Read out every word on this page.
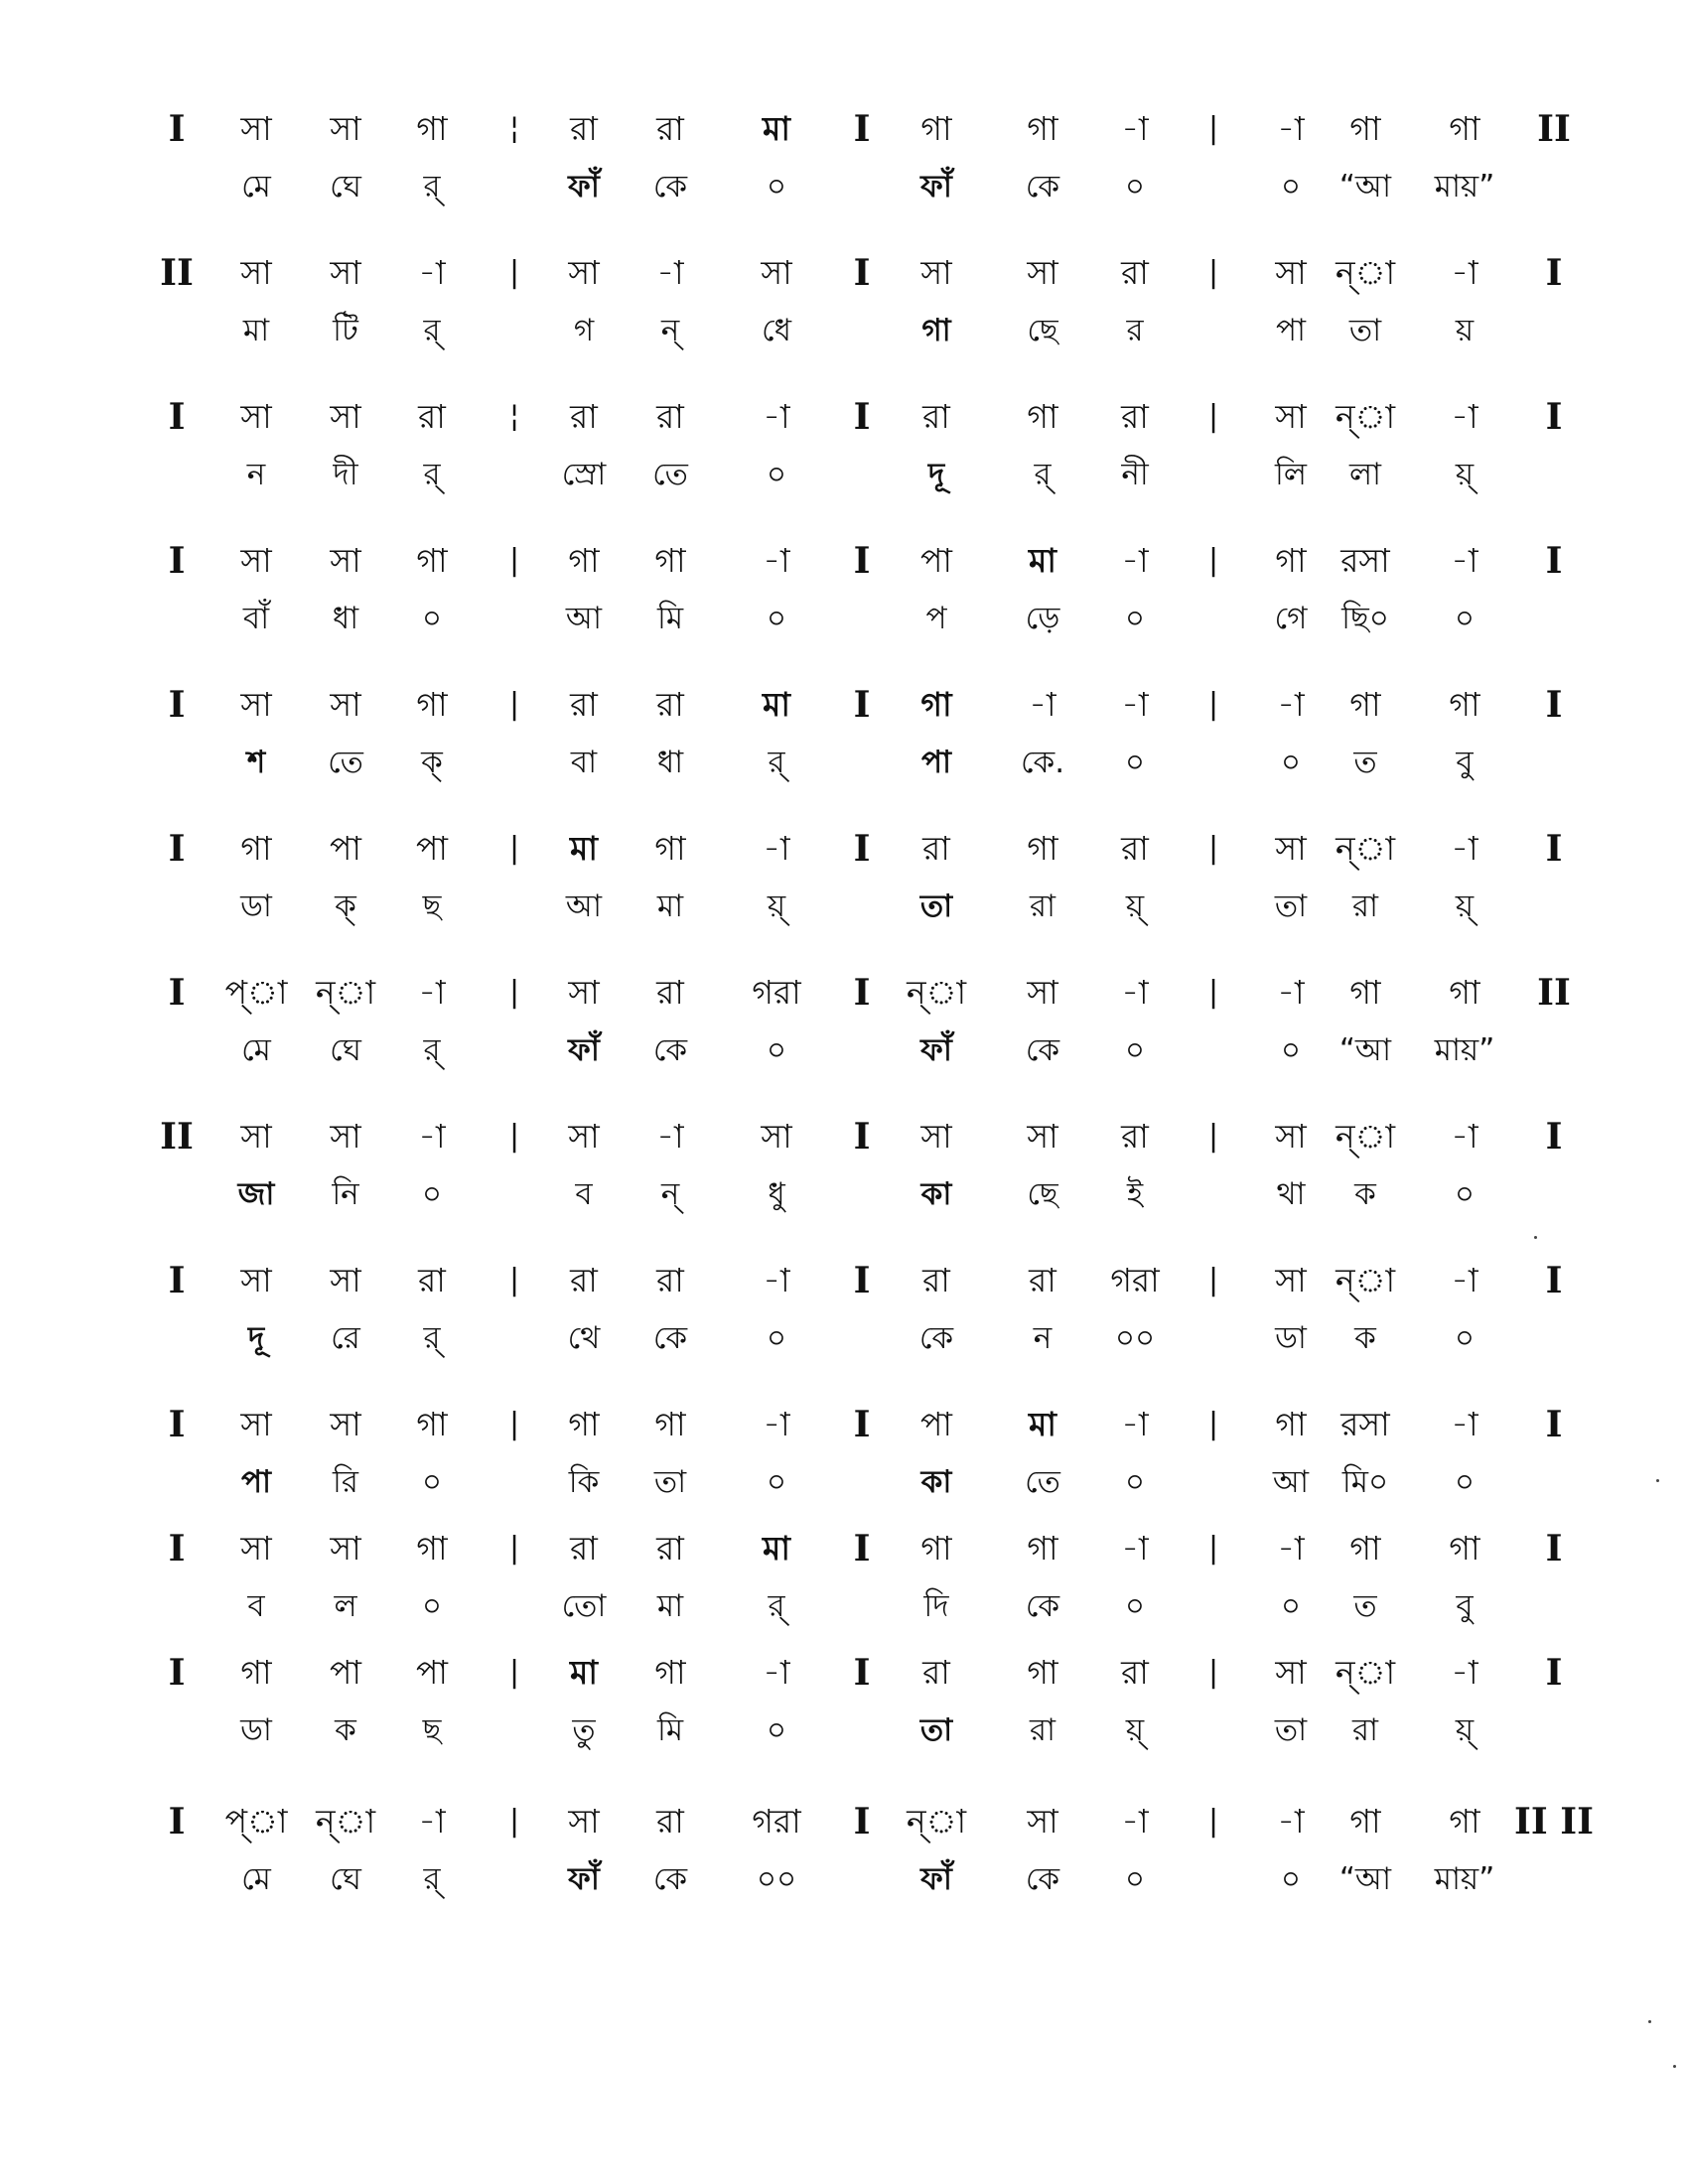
I	সা	সা	গা	¦	রা	রা	মা	I	গা	গা	-া	|	-া	গা	গা	II
মে	ঘে	র্	ফাঁ	কে	০	ফাঁ	কে	০	০	“আ	মায়”
II	সা	সা	-া	|	সা	-া	সা	I	সা	সা	রা	|	সা ন্া	-া	I
মা	টি	র্	গ	ন্	ধে	গা	ছে	র	পা	তা	য়
I	সা	সা	রা	¦	রা	রা	-া	I	রা	গা	রা	|	সা ন্া	-া	I
ন	দী	র্	স্রো	তে	০	দূ	র্	নী	লি	লা	য়্
I	সা	সা	গা	|	গা	গা	-া	I	পা	মা	-া	|	গা	রসা	-া	I
বাঁ	ধা	০	আ	মি	০	প	ড়ে	০	গে	ছি০	০
I	সা	সা	গা	|	রা	রা	মা	I	গা	-া	-া	|	-া	গা	গা	I
শ	তে	ক্	বা	ধা	র্	পা	কে.	০	০	ত	বু
I	গা	পা	পা	|	মা	গা	-া	I	রা	গা	রা	|	সা ন্া	-া	I
ডা	ক্	ছ	আ	মা	য়্	তা	রা	য়্	তা	রা	য়্
I	প্া ন্া	-া	|	সা	রা	গরা	I	ন্া	সা	-া	|	-া	গা	গা	II
মে	ঘে	র্	ফাঁ	কে	০	ফাঁ	কে	০	০	“আ	মায়”
II	সা	সা	-া	|	সা	-া	সা	I	সা	সা	রা	|	সা ন্া	-া	I
জা	নি	০	ব	ন্	ধু	কা	ছে	ই	থা	ক	০
I	সা	সা	রা	|	রা	রা	-া	I	রা	রা	গরা	|	সা ন্া	-া	I
দূ	রে	র্	থে	কে	০	কে	ন	০০	ডা	ক	০
I	সা	সা	গা	|	গা	গা	-া	I	পা	মা	-া	|	গা	রসা	-া	I
পা	রি	০	কি	তা	০	কা	তে	০	আ	মি০	০
I	সা	সা	গা	|	রা	রা	মা	I	গা	গা	-া	|	-া	গা	গা	I
ব	ল	০	তো	মা	র্	দি	কে	০	০	ত	বু
I	গা	পা	পা	|	মা	গা	-া	I	রা	গা	রা	|	সা ন্া	-া	I
ডা	ক	ছ	তু	মি	০	তা	রা	য়্	তা	রা	য়্
I	প্া ন্া	-া	|	সা	রা	গরা	I	ন্া	সা	-া	|	-া	গা	গা II II
মে	ঘে	র্	ফাঁ	কে	০০	ফাঁ	কে	০	০	“আ	মায়”
